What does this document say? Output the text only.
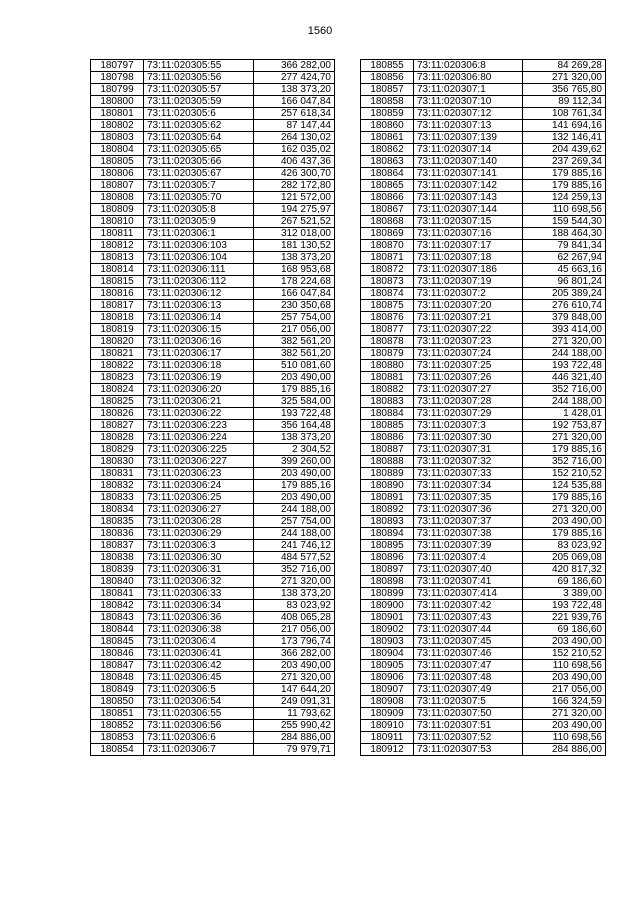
1560
180797	73:11:020305:55	366 282,00
180798	73:11:020305:56	277 424,70
180799	73:11:020305:57	138 373,20
180800	73:11:020305:59	166 047,84
180801	73:11:020305:6	257 618,34
180802	73:11:020305:62	87 147,44
180803	73:11:020305:64	264 130,02
180804	73:11:020305:65	162 035,02
180805	73:11:020305:66	406 437,36
180806	73:11:020305:67	426 300,70
180807	73:11:020305:7	282 172,80
180808	73:11:020305:70	121 572,00
180809	73:11:020305:8	194 275,97
180810	73:11:020305:9	267 521,52
180811	73:11:020306:1	312 018,00
180812	73:11:020306:103	181 130,52
180813	73:11:020306:104	138 373,20
180814	73:11:020306:111	168 953,68
180815	73:11:020306:112	178 224,68
180816	73:11:020306:12	166 047,84
180817	73:11:020306:13	230 350,68
180818	73:11:020306:14	257 754,00
180819	73:11:020306:15	217 056,00
180820	73:11:020306:16	382 561,20
180821	73:11:020306:17	382 561,20
180822	73:11:020306:18	510 081,60
180823	73:11:020306:19	203 490,00
180824	73:11:020306:20	179 885,16
180825	73:11:020306:21	325 584,00
180826	73:11:020306:22	193 722,48
180827	73:11:020306:223	356 164,48
180828	73:11:020306:224	138 373,20
180829	73:11:020306:225	2 304,52
180830	73:11:020306:227	399 260,00
180831	73:11:020306:23	203 490,00
180832	73:11:020306:24	179 885,16
180833	73:11:020306:25	203 490,00
180834	73:11:020306:27	244 188,00
180835	73:11:020306:28	257 754,00
180836	73:11:020306:29	244 188,00
180837	73:11:020306:3	241 746,12
180838	73:11:020306:30	484 577,52
180839	73:11:020306:31	352 716,00
180840	73:11:020306:32	271 320,00
180841	73:11:020306:33	138 373,20
180842	73:11:020306:34	83 023,92
180843	73:11:020306:36	408 065,28
180844	73:11:020306:38	217 056,00
180845	73:11:020306:4	173 796,74
180846	73:11:020306:41	366 282,00
180847	73:11:020306:42	203 490,00
180848	73:11:020306:45	271 320,00
180849	73:11:020306:5	147 644,20
180850	73:11:020306:54	249 091,31
180851	73:11:020306:55	11 793,62
180852	73:11:020306:56	255 990,42
180853	73:11:020306:6	284 886,00
180854	73:11:020306:7	79 979,71
180855	73:11:020306:8	84 269,28
180856	73:11:020306:80	271 320,00
180857	73:11:020307:1	356 765,80
180858	73:11:020307:10	89 112,34
180859	73:11:020307:12	108 761,34
180860	73:11:020307:13	141 694,16
180861	73:11:020307:139	132 146,41
180862	73:11:020307:14	204 439,62
180863	73:11:020307:140	237 269,34
180864	73:11:020307:141	179 885,16
180865	73:11:020307:142	179 885,16
180866	73:11:020307:143	124 259,13
180867	73:11:020307:144	110 698,56
180868	73:11:020307:15	159 544,30
180869	73:11:020307:16	188 464,30
180870	73:11:020307:17	79 841,34
180871	73:11:020307:18	62 267,94
180872	73:11:020307:186	45 663,16
180873	73:11:020307:19	96 801,24
180874	73:11:020307:2	205 389,24
180875	73:11:020307:20	276 610,74
180876	73:11:020307:21	379 848,00
180877	73:11:020307:22	393 414,00
180878	73:11:020307:23	271 320,00
180879	73:11:020307:24	244 188,00
180880	73:11:020307:25	193 722,48
180881	73:11:020307:26	446 321,40
180882	73:11:020307:27	352 716,00
180883	73:11:020307:28	244 188,00
180884	73:11:020307:29	1 428,01
180885	73:11:020307:3	192 753,87
180886	73:11:020307:30	271 320,00
180887	73:11:020307:31	179 885,16
180888	73:11:020307:32	352 716,00
180889	73:11:020307:33	152 210,52
180890	73:11:020307:34	124 535,88
180891	73:11:020307:35	179 885,16
180892	73:11:020307:36	271 320,00
180893	73:11:020307:37	203 490,00
180894	73:11:020307:38	179 885,16
180895	73:11:020307:39	83 023,92
180896	73:11:020307:4	205 069,08
180897	73:11:020307:40	420 817,32
180898	73:11:020307:41	69 186,60
180899	73:11:020307:414	3 389,00
180900	73:11:020307:42	193 722,48
180901	73:11:020307:43	221 939,76
180902	73:11:020307:44	69 186,60
180903	73:11:020307:45	203 490,00
180904	73:11:020307:46	152 210,52
180905	73:11:020307:47	110 698,56
180906	73:11:020307:48	203 490,00
180907	73:11:020307:49	217 056,00
180908	73:11:020307:5	166 324,59
180909	73:11:020307:50	271 320,00
180910	73:11:020307:51	203 490,00
180911	73:11:020307:52	110 698,56
180912	73:11:020307:53	284 886,00
